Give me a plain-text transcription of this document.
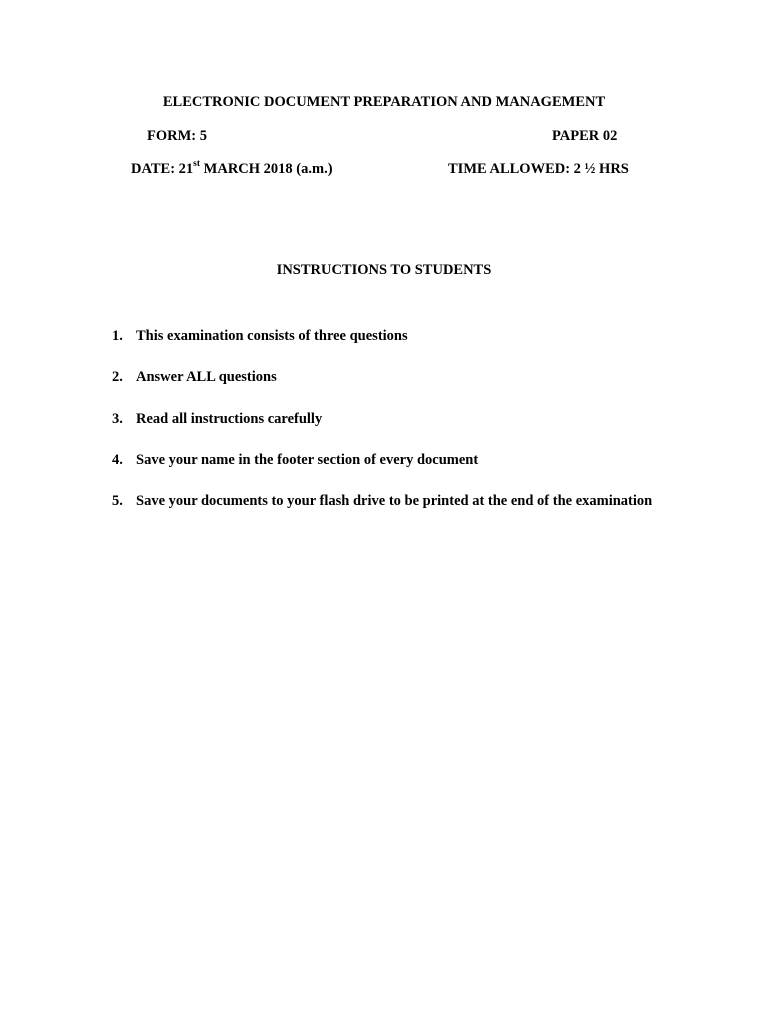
ELECTRONIC DOCUMENT PREPARATION AND MANAGEMENT
FORM: 5	PAPER 02
DATE: 21st MARCH 2018 (a.m.)	TIME ALLOWED: 2 ½ HRS
INSTRUCTIONS TO STUDENTS
1. This examination consists of three questions
2. Answer ALL questions
3. Read all instructions carefully
4. Save your name in the footer section of every document
5. Save your documents to your flash drive to be printed at the end of the examination
